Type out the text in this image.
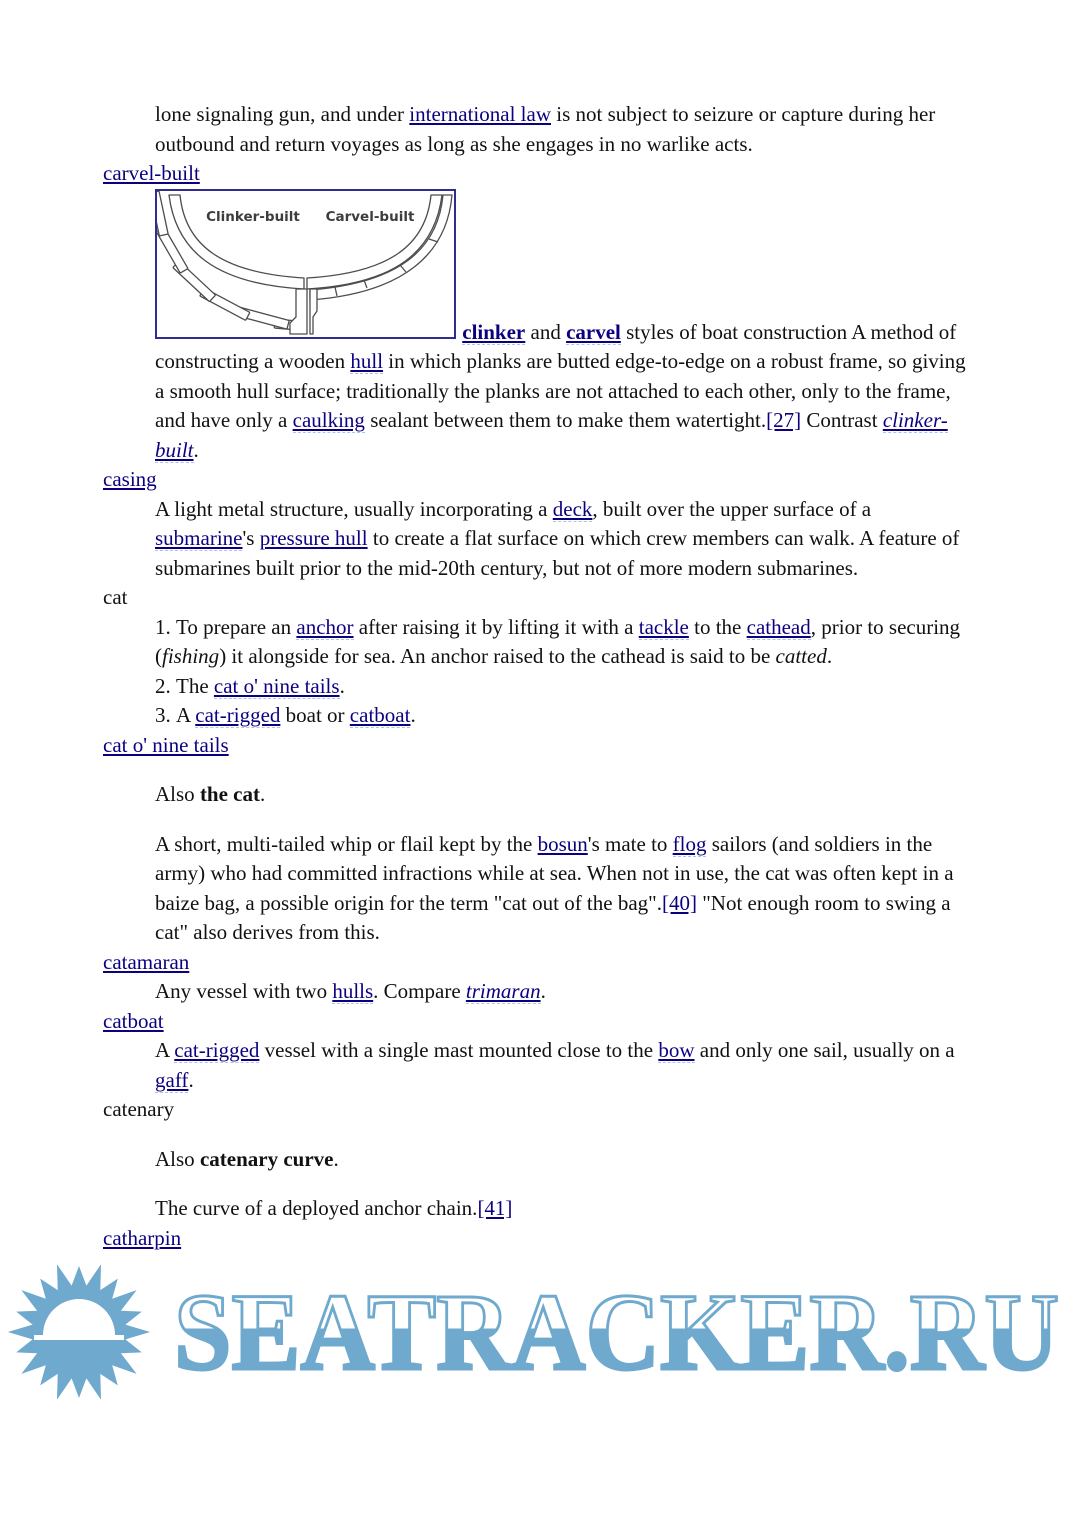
lone signaling gun, and under international law is not subject to seizure or capture during her outbound and return voyages as long as she engages in no warlike acts.
carvel-built
Clinker-built Carvel-built
clinker and carvel styles of boat construction A method of constructing a wooden hull in which planks are butted edge-to-edge on a robust frame, so giving a smooth hull surface; traditionally the planks are not attached to each other, only to the frame, and have only a caulking sealant between them to make them watertight.[27] Contrast clinker-built.
casing
A light metal structure, usually incorporating a deck, built over the upper surface of a submarine's pressure hull to create a flat surface on which crew members can walk. A feature of submarines built prior to the mid-20th century, but not of more modern submarines.
cat
1. To prepare an anchor after raising it by lifting it with a tackle to the cathead, prior to securing (fishing) it alongside for sea. An anchor raised to the cathead is said to be catted.
2. The cat o' nine tails.
3. A cat-rigged boat or catboat.
cat o' nine tails

Also the cat.

A short, multi-tailed whip or flail kept by the bosun's mate to flog sailors (and soldiers in the army) who had committed infractions while at sea. When not in use, the cat was often kept in a baize bag, a possible origin for the term "cat out of the bag".[40] "Not enough room to swing a cat" also derives from this.

catamaran
Any vessel with two hulls. Compare trimaran.
catboat
A cat-rigged vessel with a single mast mounted close to the bow and only one sail, usually on a gaff.
catenary

Also catenary curve.

The curve of a deployed anchor chain.[41]

catharpin
SEATRACKER.RU
